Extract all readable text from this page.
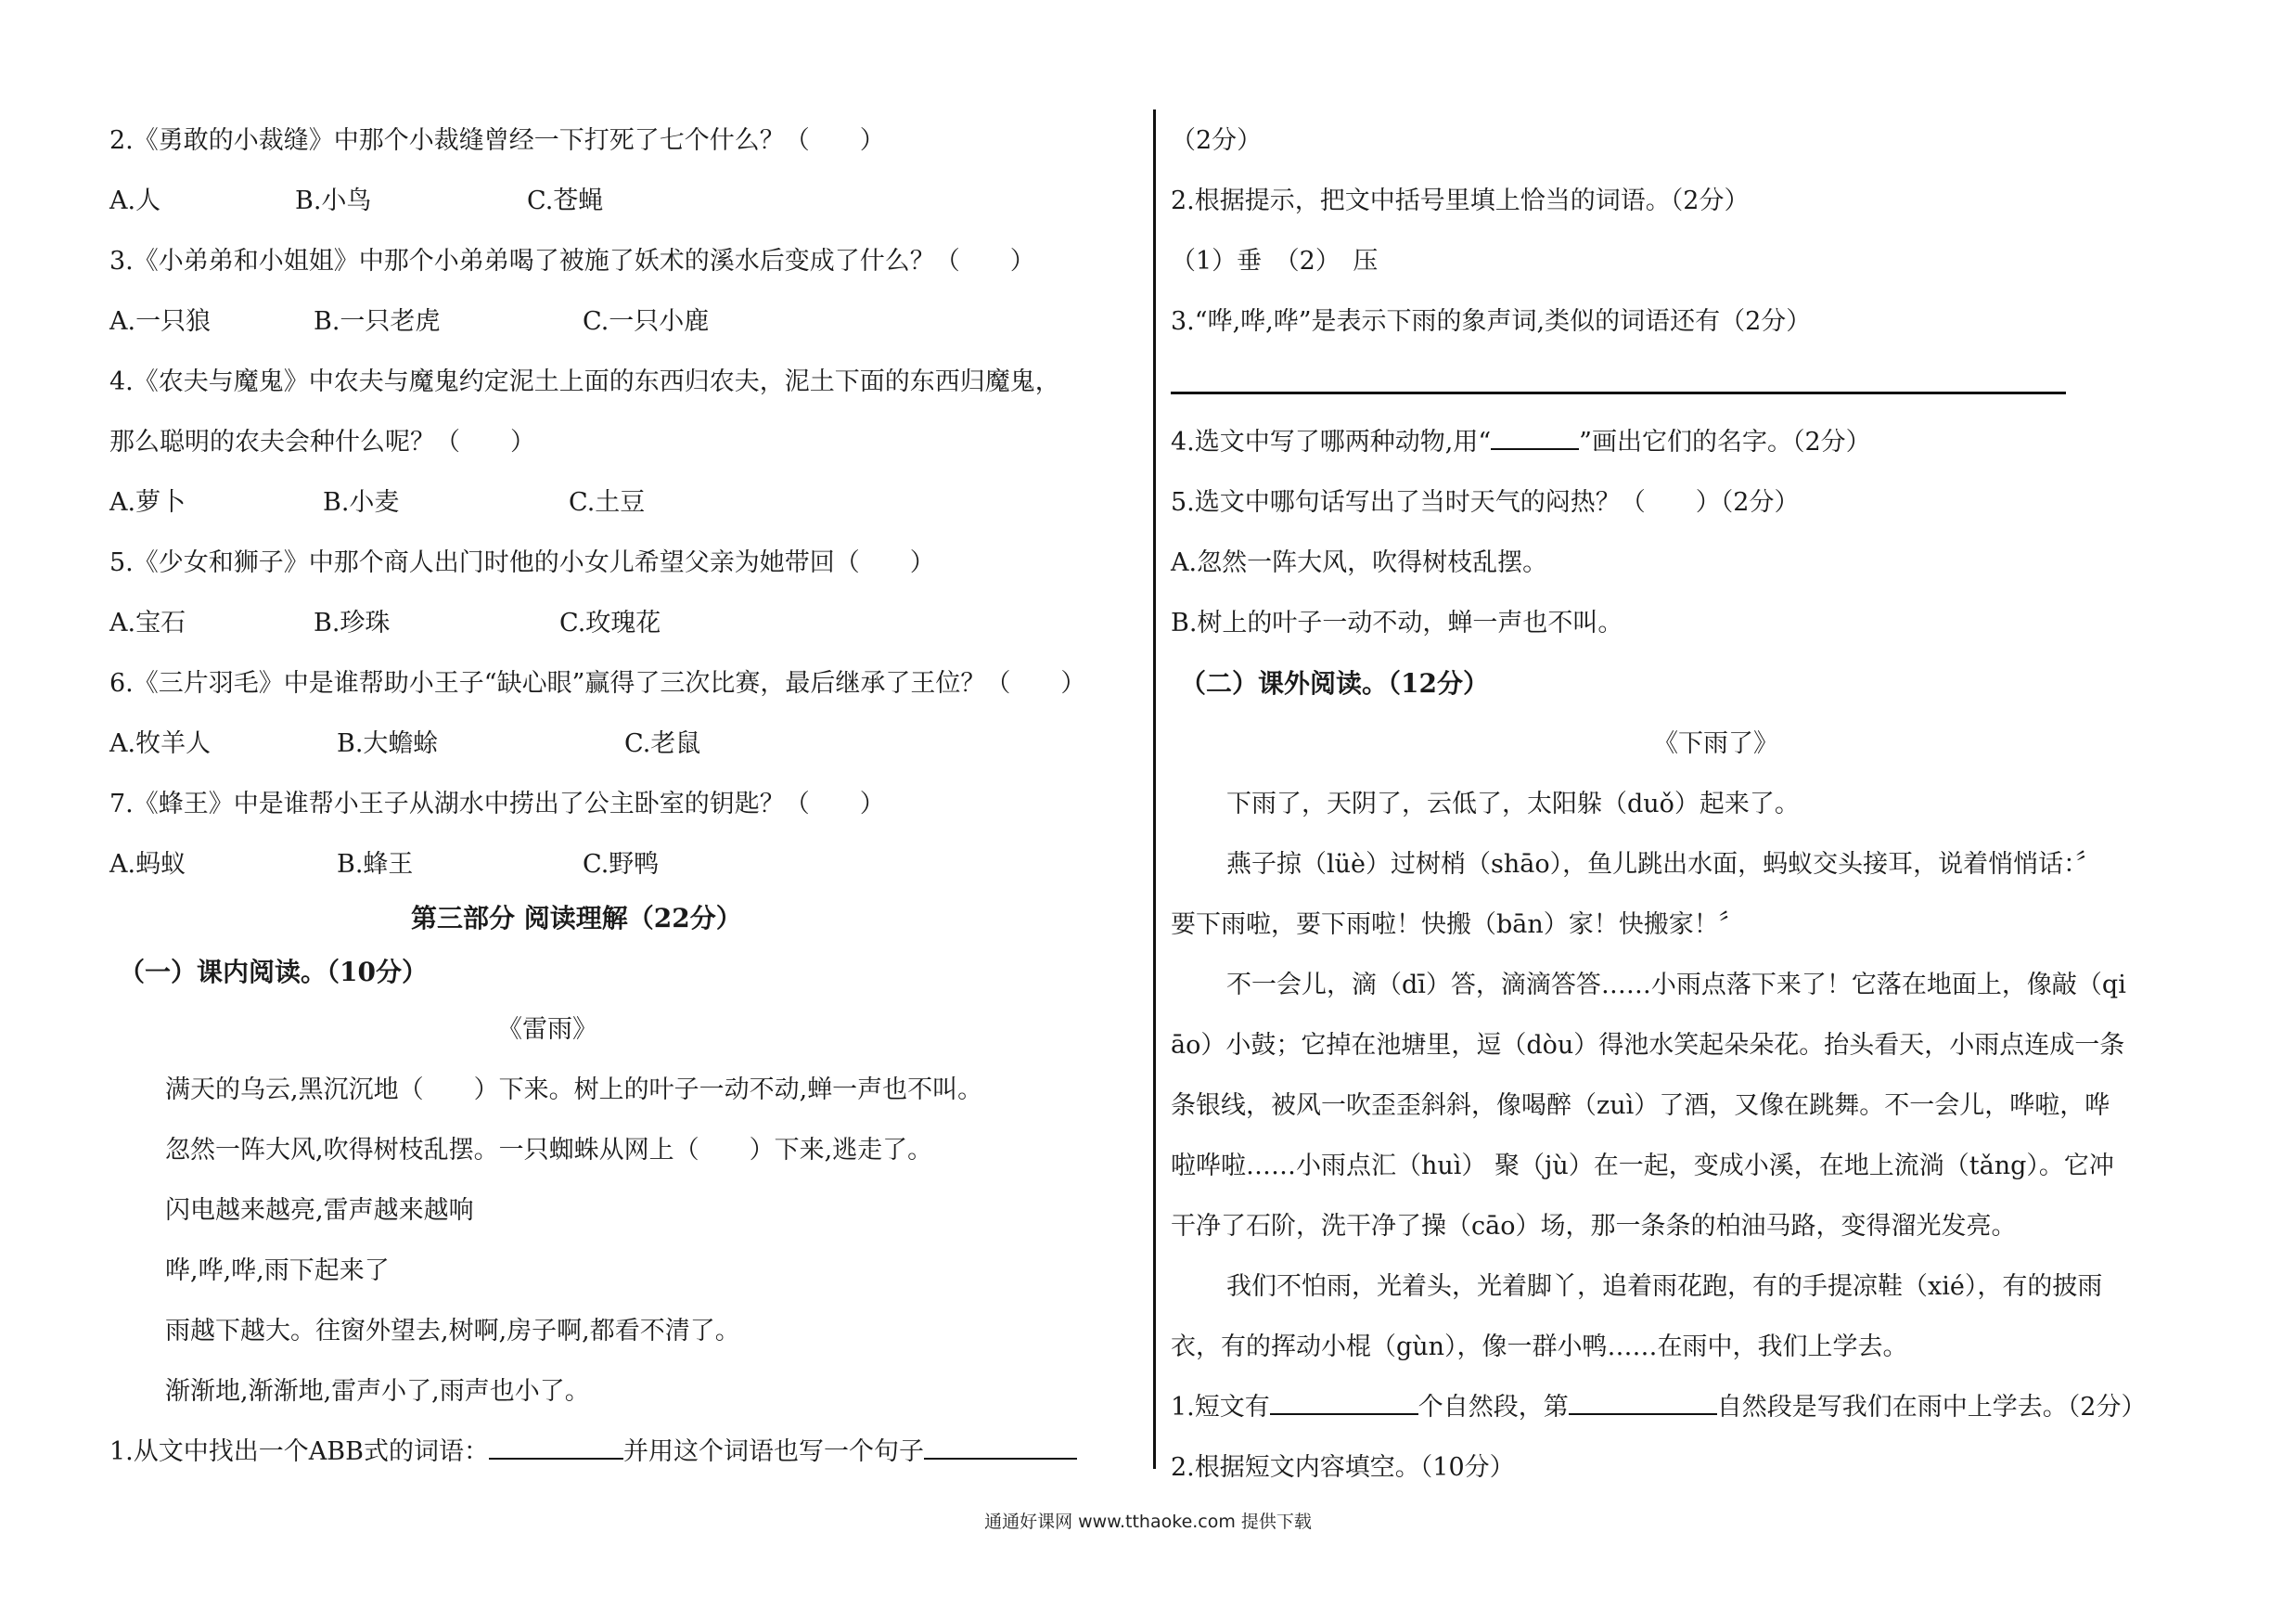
2.《勇敢的小裁缝》中那个小裁缝曾经一下打死了七个什么？（　　）
A.人	B.小鸟	C.苍蝇
3.《小弟弟和小姐姐》中那个小弟弟喝了被施了妖术的溪水后变成了什么？（　　）
A.一只狼	B.一只老虎	C.一只小鹿
4.《农夫与魔鬼》中农夫与魔鬼约定泥土上面的东西归农夫，泥土下面的东西归魔鬼，
那么聪明的农夫会种什么呢？（　　）
A.萝卜	B.小麦	C.土豆
5.《少女和狮子》中那个商人出门时他的小女儿希望父亲为她带回（　　）
A.宝石	B.珍珠	C.玫瑰花
6.《三片羽毛》中是谁帮助小王子“缺心眼”赢得了三次比赛，最后继承了王位？（　　）
A.牧羊人	B.大蟾蜍	C.老鼠
7.《蜂王》中是谁帮小王子从湖水中捞出了公主卧室的钥匙？（　　）
A.蚂蚁	B.蜂王	C.野鸭
第三部分 阅读理解（22分）
（一）课内阅读。（10分）
《雷雨》
满天的乌云,黑沉沉地（　　）下来。树上的叶子一动不动,蝉一声也不叫。
忽然一阵大风,吹得树枝乱摆。一只蜘蛛从网上（　　）下来,逃走了。
闪电越来越亮,雷声越来越响
哗,哗,哗,雨下起来了
雨越下越大。往窗外望去,树啊,房子啊,都看不清了。
渐渐地,渐渐地,雷声小了,雨声也小了。
1.从文中找出一个ABB式的词语：	并用这个词语也写一个句子
（2分）
2.根据提示，把文中括号里填上恰当的词语。（2分）
（1）垂　（2）　压
3.“哗,哗,哗”是表示下雨的象声词,类似的词语还有（2分）
4.选文中写了哪两种动物,用“	”画出它们的名字。（2分）
5.选文中哪句话写出了当时天气的闷热？（　　）（2分）
A.忽然一阵大风，吹得树枝乱摆。
B.树上的叶子一动不动，蝉一声也不叫。
（二）课外阅读。（12分）
《下雨了》
下雨了，天阴了，云低了，太阳躲（duǒ）起来了。
燕子掠（lüè）过树梢（shāo），鱼儿跳出水面，蚂蚁交头接耳，说着悄悄话：〞
要下雨啦，要下雨啦！快搬（bān）家！快搬家！〞
不一会儿，滴（dī）答，滴滴答答……小雨点落下来了！它落在地面上，像敲（qi
āo）小鼓；它掉在池塘里，逗（dòu）得池水笑起朵朵花。抬头看天，小雨点连成一条
条银线，被风一吹歪歪斜斜，像喝醉（zuì）了酒，又像在跳舞。不一会儿，哗啦，哗
啦哗啦……小雨点汇（huì） 聚（jù）在一起，变成小溪，在地上流淌（tǎng）。它冲
干净了石阶，洗干净了操（cāo）场，那一条条的柏油马路，变得溜光发亮。
我们不怕雨，光着头，光着脚丫，追着雨花跑，有的手提凉鞋（xié），有的披雨
衣，有的挥动小棍（gùn），像一群小鸭……在雨中，我们上学去。
1.短文有	个自然段，第	自然段是写我们在雨中上学去。（2分）
2.根据短文内容填空。（10分）
通通好课网 www.tthaoke.com 提供下载
